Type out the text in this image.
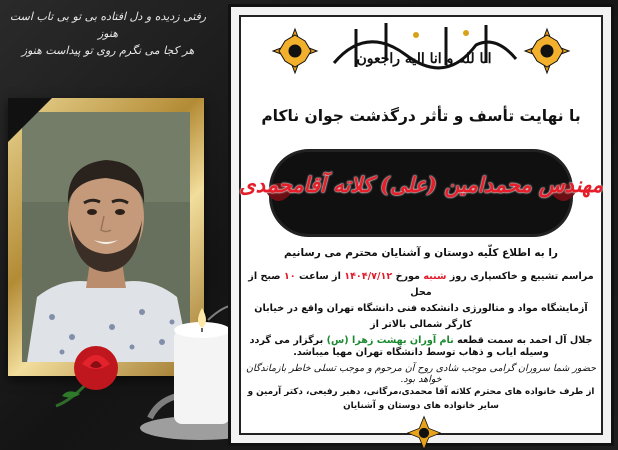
رفتی زدیده و دل افتاده بی تو بی تاب است هنوز
هر کجا می نگرم روی تو پیداست هنوز
انا لله و انا الیه راجعون
با نهایت تأسف و تأثر درگذشت جوان ناکام
مهندس محمدامین (علی) کلاته آقامحمدی
را به اطلاع کلّیه دوستان و آشنایان محترم می رسانیم
مراسم تشییع و خاکسپاری روز شنبه مورخ ۱۴۰۴/۷/۱۲ از ساعت ۱۰ صبح از محل
آزمایشگاه مواد و متالورژی دانشکده فنی دانشگاه تهران واقع در خیابان کارگر شمالی بالاتر از
جلال آل احمد به سمت قطعه نام آوران بهشت زهرا (س) برگزار می گردد
وسیله ایاب و ذهاب توسط دانشگاه تهران مهیا میباشد.
حضور شما سروران گرامی موجب شادی روح آن مرحوم و موجب تسلی خاطر بازماندگان خواهد بود.
از طرف خانواده های محترم کلاته آقا محمدی،مرگانی، دهبر رفیعی، دکتر آرمین و سایر خانواده های دوستان و آشنایان
